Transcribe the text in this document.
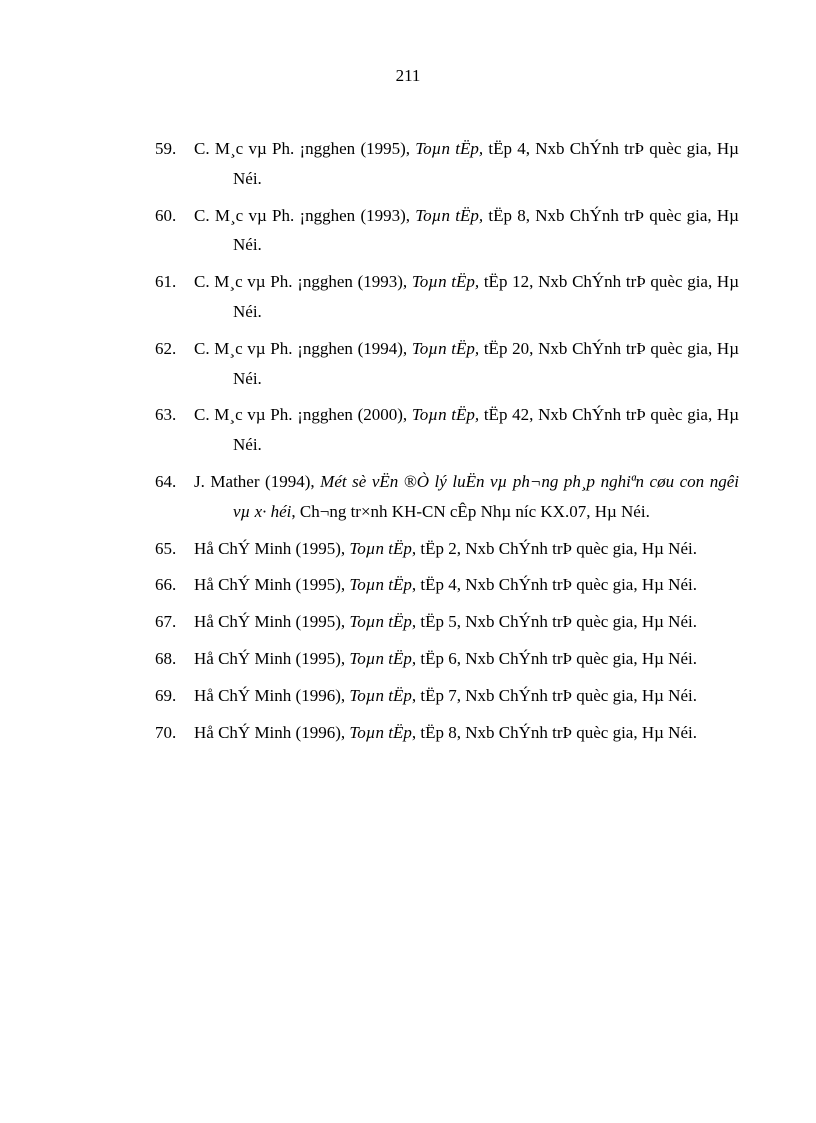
211
59. C. M¸c vµ Ph. ¡ngghen (1995), Toµn tËp, tËp 4, Nxb ChÝnh trÞ quèc gia, Hµ Néi.
60. C. M¸c vµ Ph. ¡ngghen (1993), Toµn tËp, tËp 8, Nxb ChÝnh trÞ quèc gia, Hµ Néi.
61. C. M¸c vµ Ph. ¡ngghen (1993), Toµn tËp, tËp 12, Nxb ChÝnh trÞ quèc gia, Hµ Néi.
62. C. M¸c vµ Ph. ¡ngghen (1994), Toµn tËp, tËp 20, Nxb ChÝnh trÞ quèc gia, Hµ Néi.
63. C. M¸c vµ Ph. ¡ngghen (2000), Toµn tËp, tËp 42, Nxb ChÝnh trÞ quèc gia, Hµ Néi.
64. J. Mather (1994), Mét sè vËn ®Ò lý luËn vµ ph¬ng ph¸p nghiªn cøu con ngêi vµ x· héi, Ch¬ng tr×nh KH-CN cÊp Nhµ níc KX.07, Hµ Néi.
65. Hå ChÝ Minh (1995), Toµn tËp, tËp 2, Nxb ChÝnh trÞ quèc gia, Hµ Néi.
66. Hå ChÝ Minh (1995), Toµn tËp, tËp 4, Nxb ChÝnh trÞ quèc gia, Hµ Néi.
67. Hå ChÝ Minh (1995), Toµn tËp, tËp 5, Nxb ChÝnh trÞ quèc gia, Hµ Néi.
68. Hå ChÝ Minh (1995), Toµn tËp, tËp 6, Nxb ChÝnh trÞ quèc gia, Hµ Néi.
69. Hå ChÝ Minh (1996), Toµn tËp, tËp 7, Nxb ChÝnh trÞ quèc gia, Hµ Néi.
70. Hå ChÝ Minh (1996), Toµn tËp, tËp 8, Nxb ChÝnh trÞ quèc gia, Hµ Néi.
